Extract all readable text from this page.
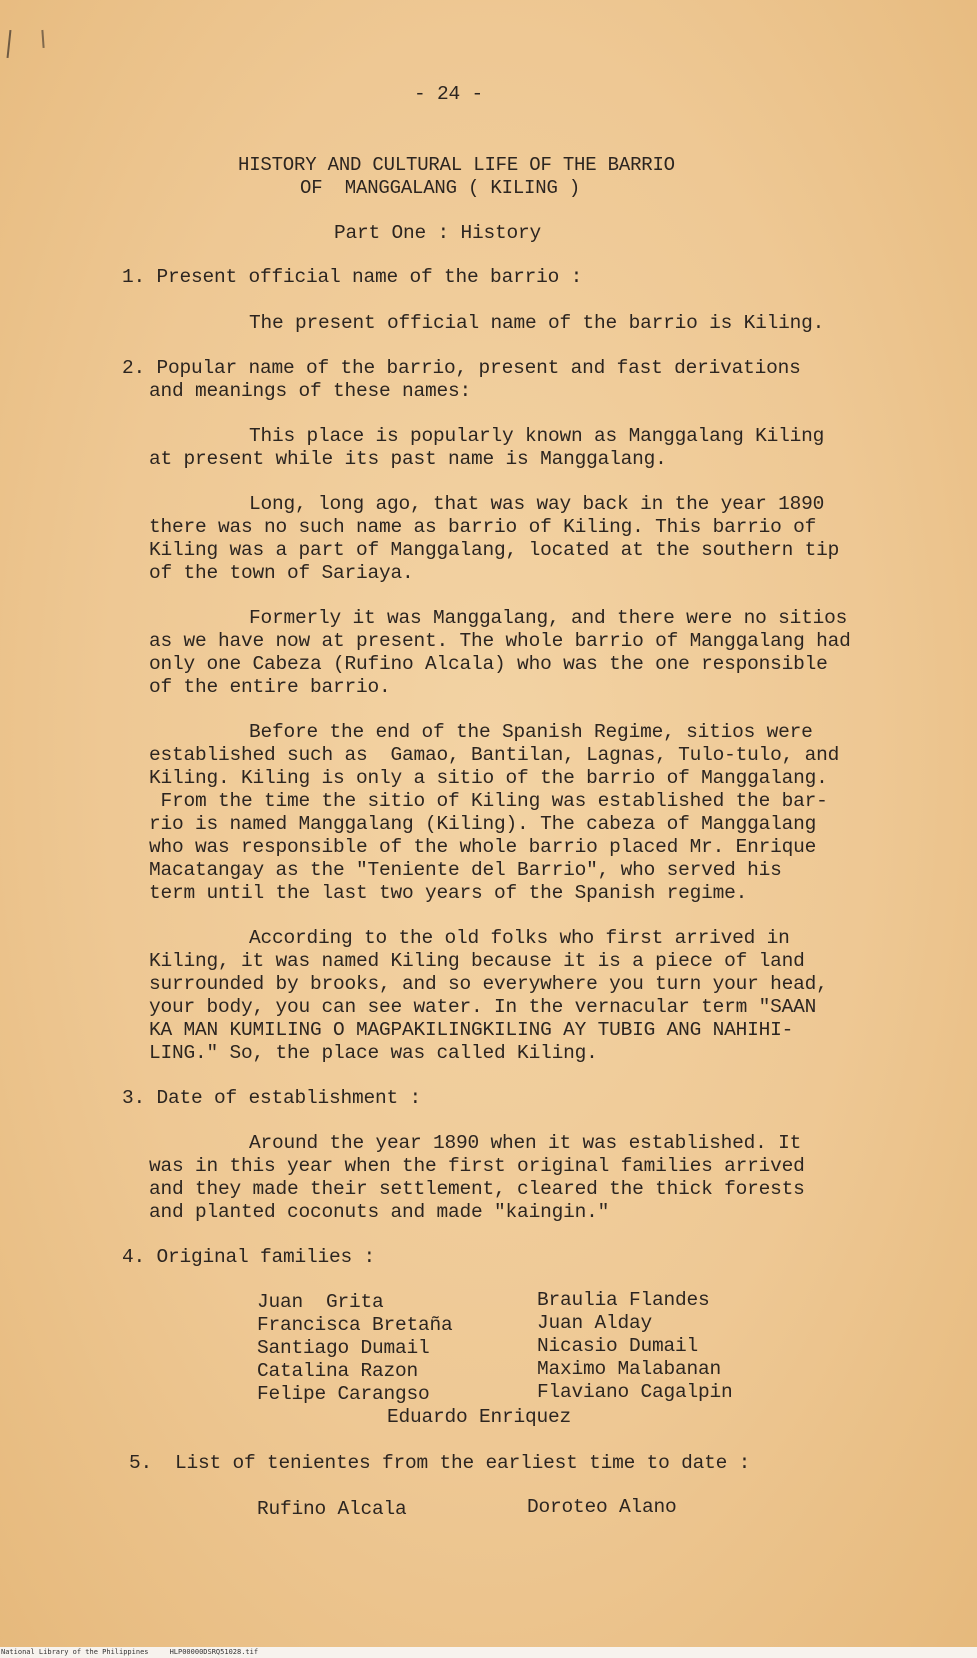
- 24 -
HISTORY AND CULTURAL LIFE OF THE BARRIO
OF  MANGGALANG ( KILING )
Part One : History
1. Present official name of the barrio :
The present official name of the barrio is Kiling.
2. Popular name of the barrio, present and fast derivations
and meanings of these names:
This place is popularly known as Manggalang Kiling
at present while its past name is Manggalang.
Long, long ago, that was way back in the year 1890
there was no such name as barrio of Kiling. This barrio of
Kiling was a part of Manggalang, located at the southern tip
of the town of Sariaya.
Formerly it was Manggalang, and there were no sitios
as we have now at present. The whole barrio of Manggalang had
only one Cabeza (Rufino Alcala) who was the one responsible
of the entire barrio.
Before the end of the Spanish Regime, sitios were
established such as  Gamao, Bantilan, Lagnas, Tulo-tulo, and
Kiling. Kiling is only a sitio of the barrio of Manggalang.
From the time the sitio of Kiling was established the bar-
rio is named Manggalang (Kiling). The cabeza of Manggalang
who was responsible of the whole barrio placed Mr. Enrique
Macatangay as the "Teniente del Barrio", who served his
term until the last two years of the Spanish regime.
According to the old folks who first arrived in
Kiling, it was named Kiling because it is a piece of land
surrounded by brooks, and so everywhere you turn your head,
your body, you can see water. In the vernacular term "SAAN
KA MAN KUMILING O MAGPAKILINGKILING AY TUBIG ANG NAHIHI-
LING." So, the place was called Kiling.
3. Date of establishment :
Around the year 1890 when it was established. It
was in this year when the first original families arrived
and they made their settlement, cleared the thick forests
and planted coconuts and made "kaingin."
4. Original families :
Juan  Grita
Francisca Bretaña
Santiago Dumail
Catalina Razon
Felipe Carangso
Braulia Flandes
Juan Alday
Nicasio Dumail
Maximo Malabanan
Flaviano Cagalpin
Eduardo Enriquez
5.  List of tenientes from the earliest time to date :
Rufino Alcala	Doroteo Alano
National Library of the Philippines     HLP00000DSRQ51028.tif
